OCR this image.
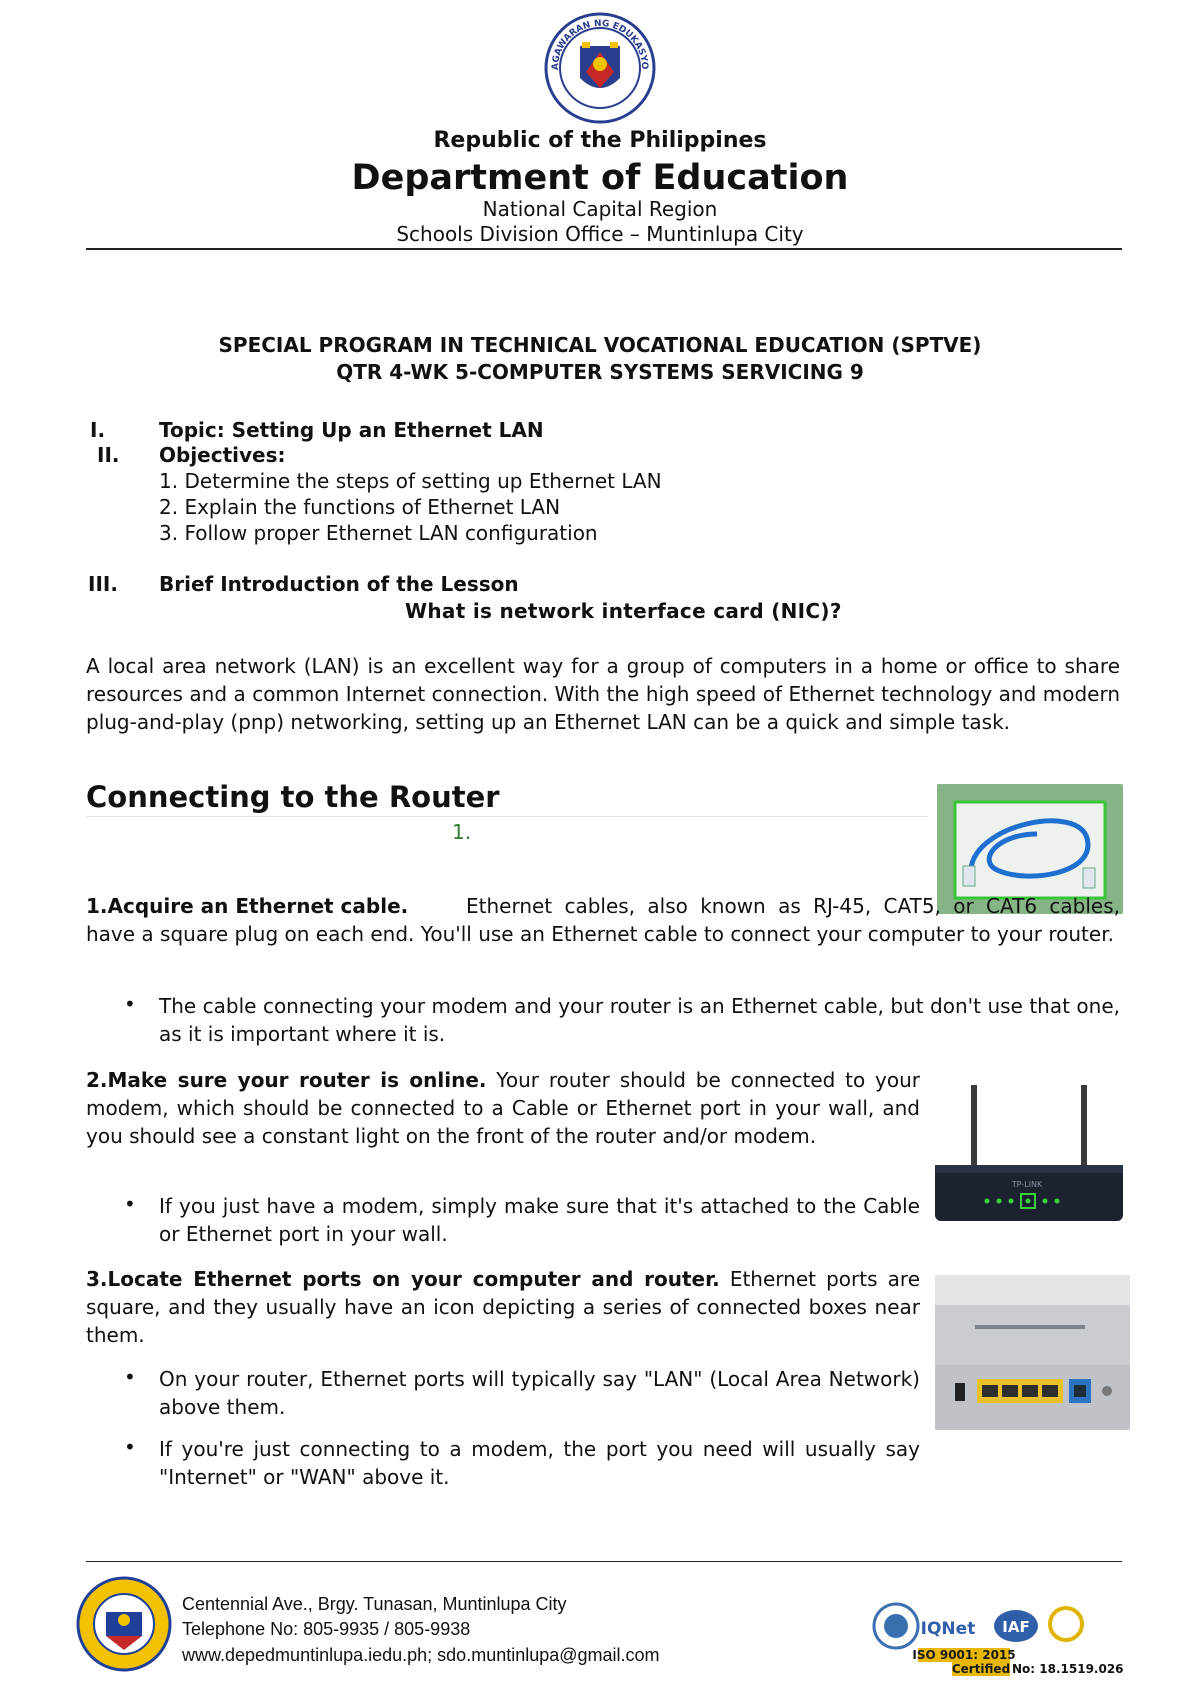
AGAWARAN NG EDUKASYO
Republic of the Philippines
Department of Education
National Capital Region
Schools Division Office – Muntinlupa City
SPECIAL PROGRAM IN TECHNICAL VOCATIONAL EDUCATION (SPTVE)
QTR 4-WK 5-COMPUTER SYSTEMS SERVICING 9
I.	Topic: Setting Up an Ethernet LAN
II. Objectives:
1. Determine the steps of setting up Ethernet LAN
2. Explain the functions of Ethernet LAN
3. Follow proper Ethernet LAN configuration
III. Brief Introduction of the Lesson
What is network interface card (NIC)?
A local area network (LAN) is an excellent way for a group of computers in a home or office to share resources and a common Internet connection. With the high speed of Ethernet technology and modern plug-and-play (pnp) networking, setting up an Ethernet LAN can be a quick and simple task.
Connecting to the Router
1.
1.Acquire an Ethernet cable.	Ethernet cables, also known as RJ-45, CAT5, or CAT6 cables, have a square plug on each end. You'll use an Ethernet cable to connect your computer to your router.
• The cable connecting your modem and your router is an Ethernet cable, but don't use that one, as it is important where it is.
TP-LINK
2.Make sure your router is online. Your router should be connected to your modem, which should be connected to a Cable or Ethernet port in your wall, and you should see a constant light on the front of the router and/or modem.
• If you just have a modem, simply make sure that it's attached to the Cable or Ethernet port in your wall.
3.Locate Ethernet ports on your computer and router. Ethernet ports are square, and they usually have an icon depicting a series of connected boxes near them.
• On your router, Ethernet ports will typically say "LAN" (Local Area Network) above them.
• If you're just connecting to a modem, the port you need will usually say "Internet" or "WAN" above it.
Centennial Ave., Brgy. Tunasan, Muntinlupa City
Telephone No: 805-9935 / 805-9938
www.depedmuntinlupa.iedu.ph; sdo.muntinlupa@gmail.com
IQNet IAF
ISO 9001: 2015
Certified No: 18.1519.026
